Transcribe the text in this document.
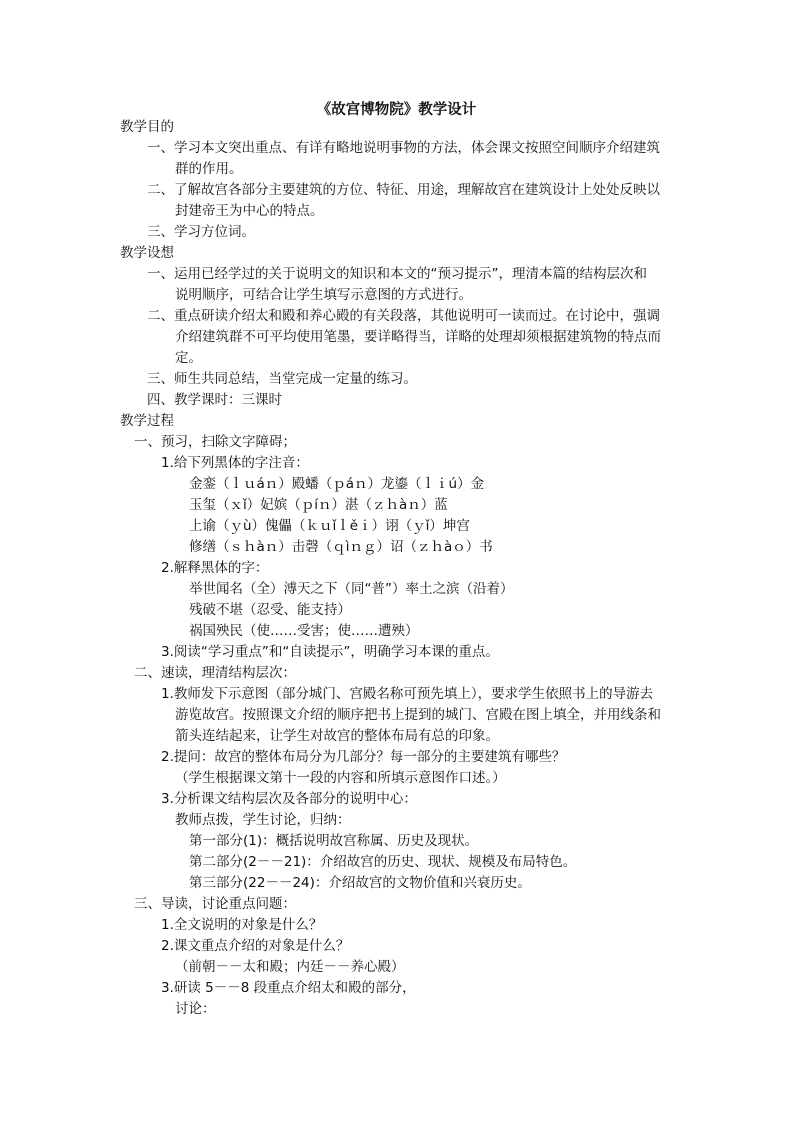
《故宫博物院》教学设计
教学目的
一、学习本文突出重点、有详有略地说明事物的方法，体会课文按照空间顺序介绍建筑
群的作用。
二、了解故宫各部分主要建筑的方位、特征、用途，理解故宫在建筑设计上处处反映以
封建帝王为中心的特点。
三、学习方位词。
教学设想
一、运用已经学过的关于说明文的知识和本文的“预习提示”，理清本篇的结构层次和
说明顺序，可结合让学生填写示意图的方式进行。
二、重点研读介绍太和殿和养心殿的有关段落，其他说明可一读而过。在讨论中，强调
介绍建筑群不可平均使用笔墨，要详略得当，详略的处理却须根据建筑物的特点而
定。
三、师生共同总结，当堂完成一定量的练习。
四、教学课时：三课时
教学过程
一、预习，扫除文字障碍；
1.给下列黑体的字注音：
金銮（ｌｕáｎ）殿蟠（ｐáｎ）龙鎏（ｌｉú）金
玉玺（ｘǐ）妃嫔（ｐíｎ）湛（ｚｈàｎ）蓝
上谕（ｙù）傀儡（ｋｕǐｌěｉ）诩（ｙǐ）坤宫
修缮（ｓｈàｎ）击磬（ｑìｎｇ）诏（ｚｈàｏ）书
2.解释黑体的字：
举世闻名（全）溥天之下（同“普”）率土之滨（沿着）
残破不堪（忍受、能支持）
祸国殃民（使……受害；使……遭殃）
3.阅读“学习重点”和“自读提示”，明确学习本课的重点。
二、速读，理清结构层次：
1.教师发下示意图（部分城门、宫殿名称可预先填上），要求学生依照书上的导游去
游览故宫。按照课文介绍的顺序把书上提到的城门、宫殿在图上填全，并用线条和
箭头连结起来，让学生对故宫的整体布局有总的印象。
2.提问：故宫的整体布局分为几部分？每一部分的主要建筑有哪些？
（学生根据课文第十一段的内容和所填示意图作口述。）
3.分析课文结构层次及各部分的说明中心：
教师点拨，学生讨论，归纳：
第一部分(1)：概括说明故宫称属、历史及现状。
第二部分(2－－21)：介绍故宫的历史、现状、规模及布局特色。
第三部分(22－－24)：介绍故宫的文物价值和兴衰历史。
三、导读，讨论重点问题：
1.全文说明的对象是什么？
2.课文重点介绍的对象是什么？
（前朝－－太和殿；内廷－－养心殿）
3.研读 5－－8 段重点介绍太和殿的部分，
讨论：
